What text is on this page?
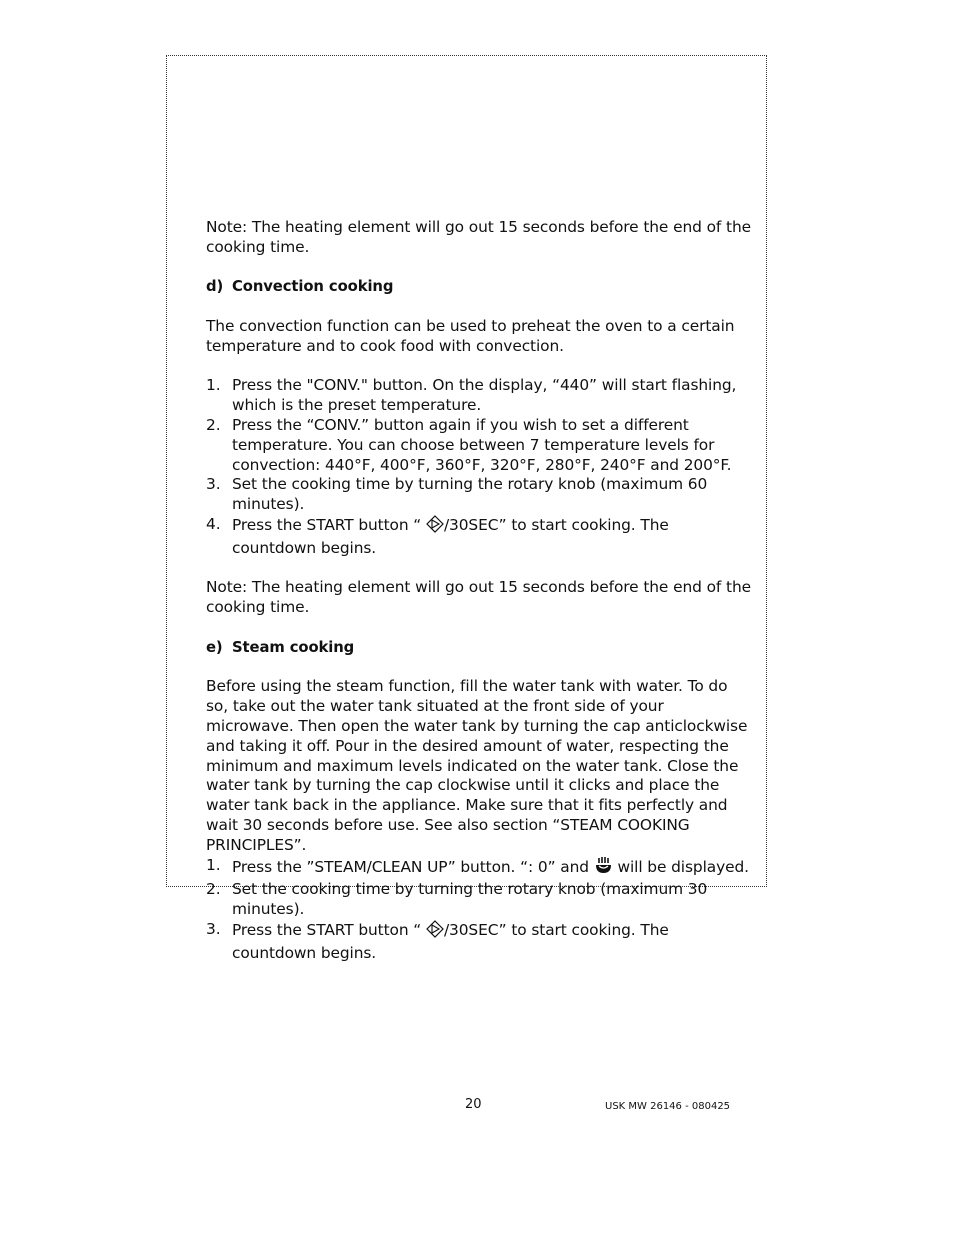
Note: The heating element will go out 15 seconds before the end of the cooking time.

d) Convection cooking

The convection function can be used to preheat the oven to a certain temperature and to cook food with convection.

1. Press the "CONV." button. On the display, “440” will start flashing, which is the preset temperature.
2. Press the “CONV.” button again if you wish to set a different temperature. You can choose between 7 temperature levels for convection: 440°F, 400°F, 360°F, 320°F, 280°F, 240°F and 200°F.
3. Set the cooking time by turning the rotary knob (maximum 60 minutes).
4. Press the START button “ /30SEC” to start cooking. The countdown begins.

Note: The heating element will go out 15 seconds before the end of the cooking time.

e) Steam cooking

Before using the steam function, fill the water tank with water. To do so, take out the water tank situated at the front side of your microwave. Then open the water tank by turning the cap anticlockwise and taking it off. Pour in the desired amount of water, respecting the minimum and maximum levels indicated on the water tank. Close the water tank by turning the cap clockwise until it clicks and place the water tank back in the appliance. Make sure that it fits perfectly and wait 30 seconds before use. See also section “STEAM COOKING PRINCIPLES”.

1. Press the ”STEAM/CLEAN UP” button. “: 0” and  will be displayed.
2. Set the cooking time by turning the rotary knob (maximum 30 minutes).
3. Press the START button “ /30SEC” to start cooking. The countdown begins.
20	USK MW 26146 - 080425
